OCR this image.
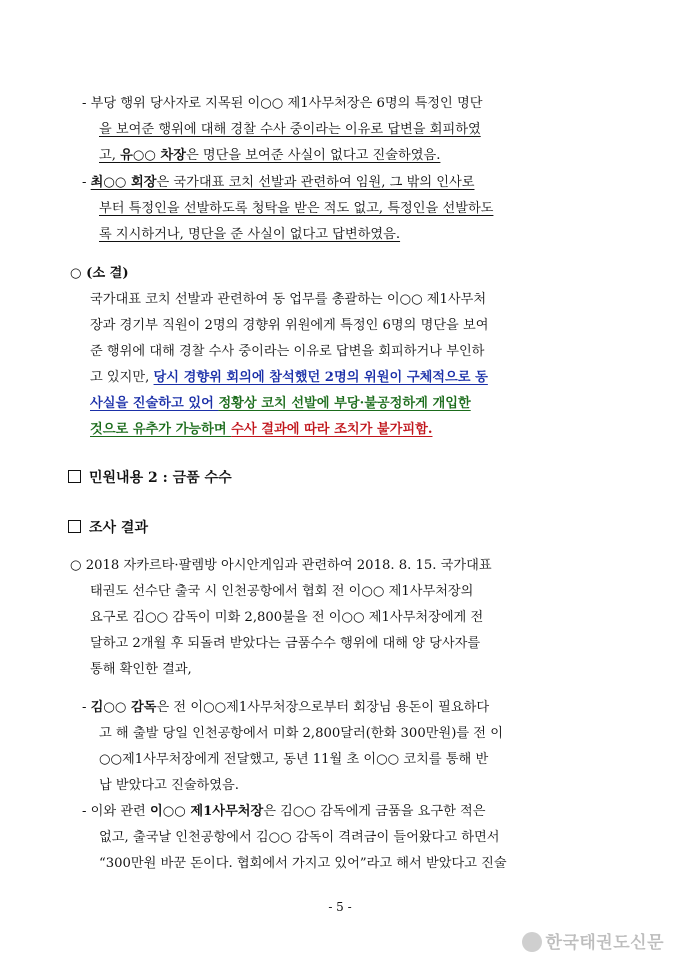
- 부당 행위 당사자로 지목된 이○○ 제1사무처장은 6명의 특정인 명단
을 보여준 행위에 대해 경찰 수사 중이라는 이유로 답변을 회피하였
고, 유○○ 차장은 명단을 보여준 사실이 없다고 진술하였음.
- 최○○ 회장은 국가대표 코치 선발과 관련하여 임원, 그 밖의 인사로
부터 특정인을 선발하도록 청탁을 받은 적도 없고, 특정인을 선발하도
록 지시하거나, 명단을 준 사실이 없다고 답변하였음.
○ (소 결)
국가대표 코치 선발과 관련하여 동 업무를 총괄하는 이○○ 제1사무처
장과 경기부 직원이 2명의 경향위 위원에게 특정인 6명의 명단을 보여
준 행위에 대해 경찰 수사 중이라는 이유로 답변을 회피하거나 부인하
고 있지만, 당시 경향위 회의에 참석했던 2명의 위원이 구체적으로 동
사실을 진술하고 있어 정황상 코치 선발에 부당·불공정하게 개입한
것으로 유추가 가능하며 수사 결과에 따라 조치가 불가피함.
민원내용 2 : 금품 수수
조사 결과
○ 2018 자카르타·팔렘방 아시안게임과 관련하여 2018. 8. 15. 국가대표
태권도 선수단 출국 시 인천공항에서 협회 전 이○○ 제1사무처장의
요구로 김○○ 감독이 미화 2,800불을 전 이○○ 제1사무처장에게 전
달하고 2개월 후 되돌려 받았다는 금품수수 행위에 대해 양 당사자를
통해 확인한 결과,
- 김○○ 감독은 전 이○○제1사무처장으로부터 회장님 용돈이 필요하다
고 해 출발 당일 인천공항에서 미화 2,800달러(한화 300만원)를 전 이
○○제1사무처장에게 전달했고, 동년 11월 초 이○○ 코치를 통해 반
납 받았다고 진술하였음.
- 이와 관련 이○○ 제1사무처장은 김○○ 감독에게 금품을 요구한 적은
없고, 출국날 인천공항에서 김○○ 감독이 격려금이 들어왔다고 하면서
“300만원 바꾼 돈이다. 협회에서 가지고 있어”라고 해서 받았다고 진술
- 5 -
한국태권도신문
